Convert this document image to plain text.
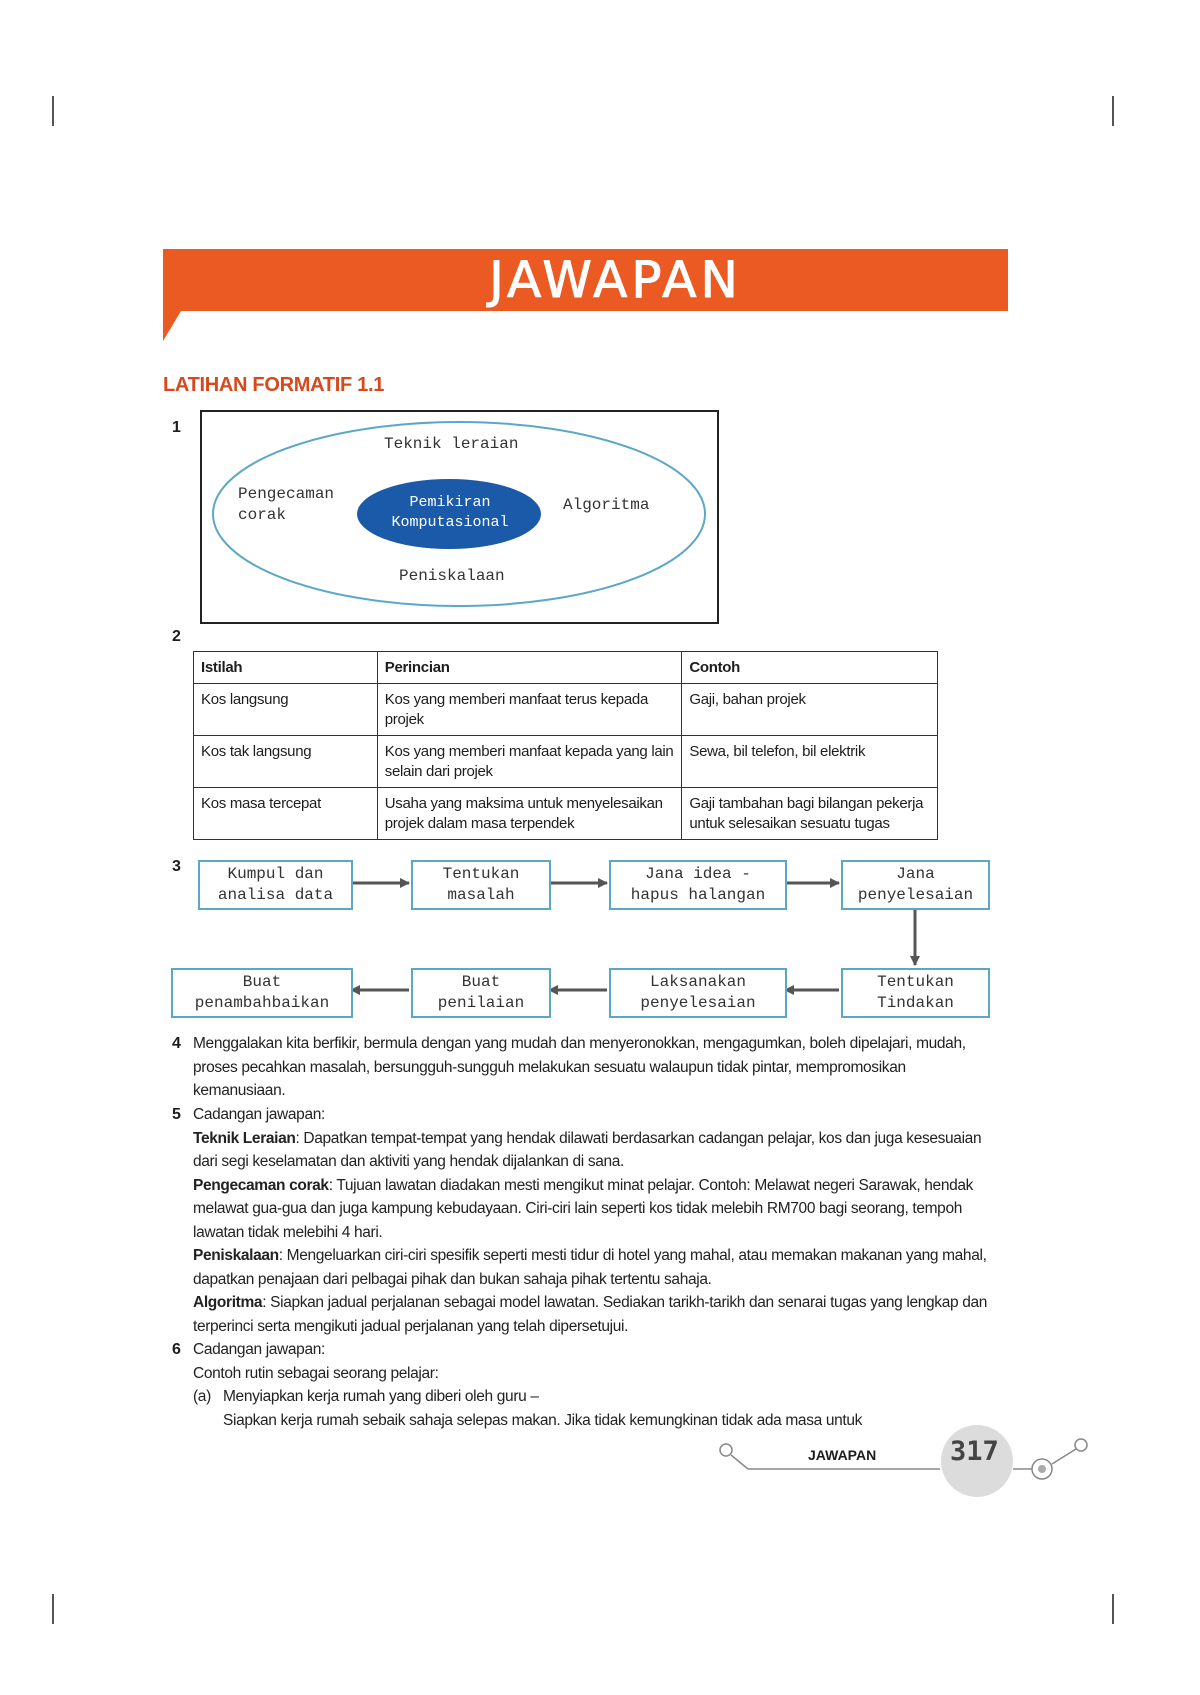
JAWAPAN
LATIHAN FORMATIF 1.1
1
Teknik leraian
Pengecaman
corak
Algoritma
Peniskalaan
Pemikiran
Komputasional
2
Istilah	Perincian	Contoh
Kos langsung	Kos yang memberi manfaat terus kepada projek	Gaji, bahan projek
Kos tak langsung	Kos yang memberi manfaat kepada yang lain selain dari projek	Sewa, bil telefon, bil elektrik
Kos masa tercepat	Usaha yang maksima untuk menyelesaikan projek dalam masa terpendek	Gaji tambahan bagi bilangan pekerja untuk selesaikan sesuatu tugas
3	Kumpul dan
analisa data
Tentukan
masalah
Jana idea -
hapus halangan
Jana
penyelesaian
Tentukan
Tindakan
Laksanakan
penyelesaian
Buat
penilaian
Buat
penambahbaikan
4 Menggalakan kita berfikir, bermula dengan yang mudah dan menyeronokkan, mengagumkan, boleh dipelajari, mudah, proses pecahkan masalah, bersungguh-sungguh melakukan sesuatu walaupun tidak pintar, mempromosikan kemanusiaan.
5 Cadangan jawapan:
Teknik Leraian: Dapatkan tempat-tempat yang hendak dilawati berdasarkan cadangan pelajar, kos dan juga kesesuaian dari segi keselamatan dan aktiviti yang hendak dijalankan di sana.
Pengecaman corak: Tujuan lawatan diadakan mesti mengikut minat pelajar. Contoh: Melawat negeri Sarawak, hendak melawat gua-gua dan juga kampung kebudayaan. Ciri-ciri lain seperti kos tidak melebih RM700 bagi seorang, tempoh lawatan tidak melebihi 4 hari.
Peniskalaan: Mengeluarkan ciri-ciri spesifik seperti mesti tidur di hotel yang mahal, atau memakan makanan yang mahal, dapatkan penajaan dari pelbagai pihak dan bukan sahaja pihak tertentu sahaja.
Algoritma: Siapkan jadual perjalanan sebagai model lawatan. Sediakan tarikh-tarikh dan senarai tugas yang lengkap dan terperinci serta mengikuti jadual perjalanan yang telah dipersetujui.
6 Cadangan jawapan:
Contoh rutin sebagai seorang pelajar:
(a) Menyiapkan kerja rumah yang diberi oleh guru –
Siapkan kerja rumah sebaik sahaja selepas makan. Jika tidak kemungkinan tidak ada masa untuk
JAWAPAN	317
